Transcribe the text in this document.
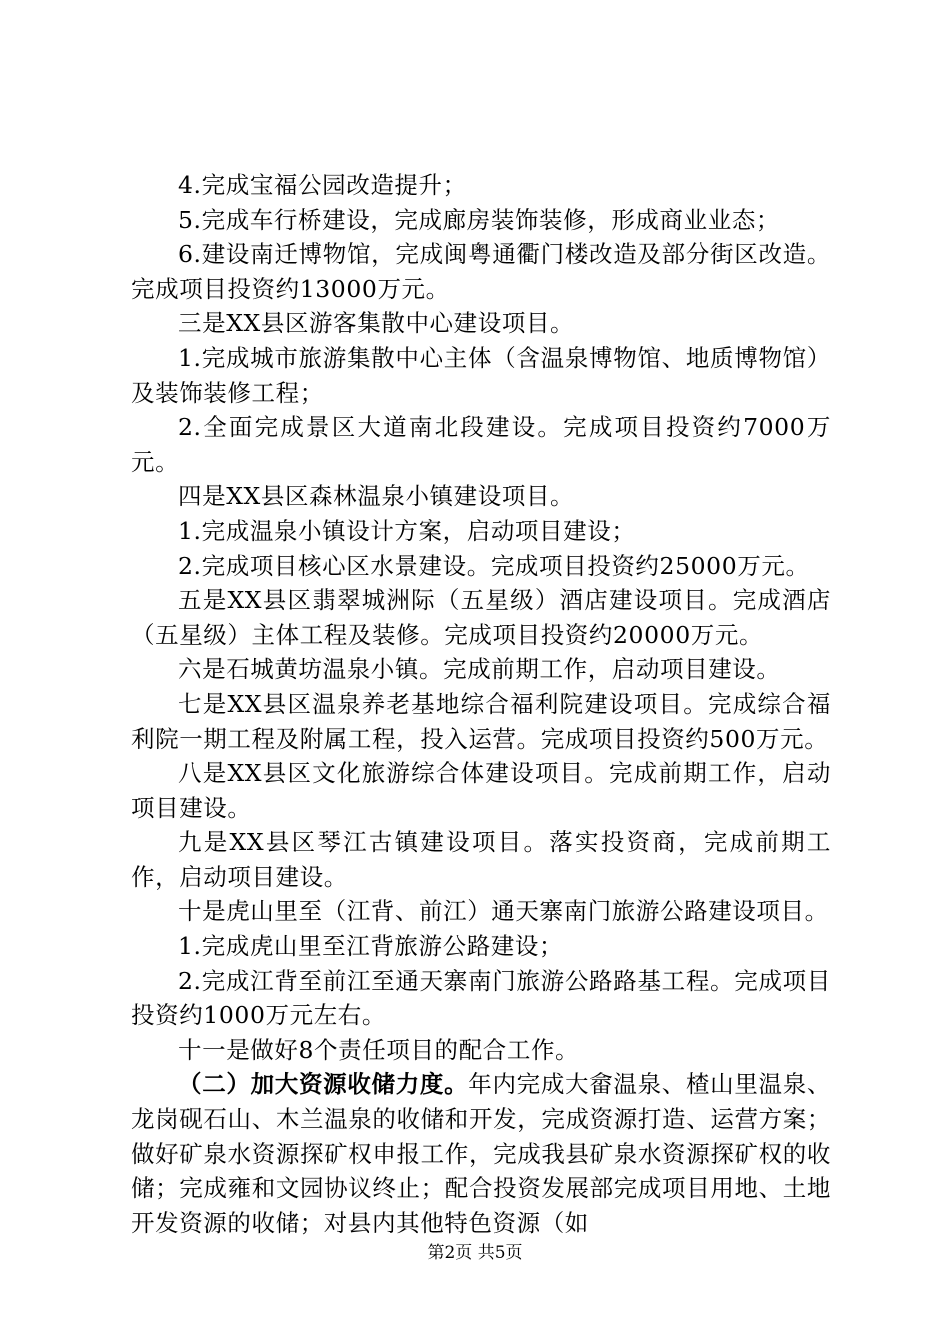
4.完成宝福公园改造提升；

5.完成车行桥建设，完成廊房装饰装修，形成商业业态；

6.建设南迁博物馆，完成闽粤通衢门楼改造及部分街区改造。完成项目投资约13000万元。

三是XX县区游客集散中心建设项目。

1.完成城市旅游集散中心主体（含温泉博物馆、地质博物馆）及装饰装修工程；

2.全面完成景区大道南北段建设。完成项目投资约7000万元。

四是XX县区森林温泉小镇建设项目。

1.完成温泉小镇设计方案，启动项目建设；

2.完成项目核心区水景建设。完成项目投资约25000万元。

五是XX县区翡翠城洲际（五星级）酒店建设项目。完成酒店（五星级）主体工程及装修。完成项目投资约20000万元。

六是石城黄坊温泉小镇。完成前期工作，启动项目建设。

七是XX县区温泉养老基地综合福利院建设项目。完成综合福利院一期工程及附属工程，投入运营。完成项目投资约500万元。

八是XX县区文化旅游综合体建设项目。完成前期工作，启动项目建设。

九是XX县区琴江古镇建设项目。落实投资商，完成前期工作，启动项目建设。

十是虎山里至（江背、前江）通天寨南门旅游公路建设项目。

1.完成虎山里至江背旅游公路建设；

2.完成江背至前江至通天寨南门旅游公路路基工程。完成项目投资约1000万元左右。

十一是做好8个责任项目的配合工作。

（二）加大资源收储力度。年内完成大畲温泉、楂山里温泉、龙岗砚石山、木兰温泉的收储和开发，完成资源打造、运营方案；做好矿泉水资源探矿权申报工作，完成我县矿泉水资源探矿权的收储；完成雍和文园协议终止；配合投资发展部完成项目用地、土地开发资源的收储；对县内其他特色资源（如

第2页 共5页
